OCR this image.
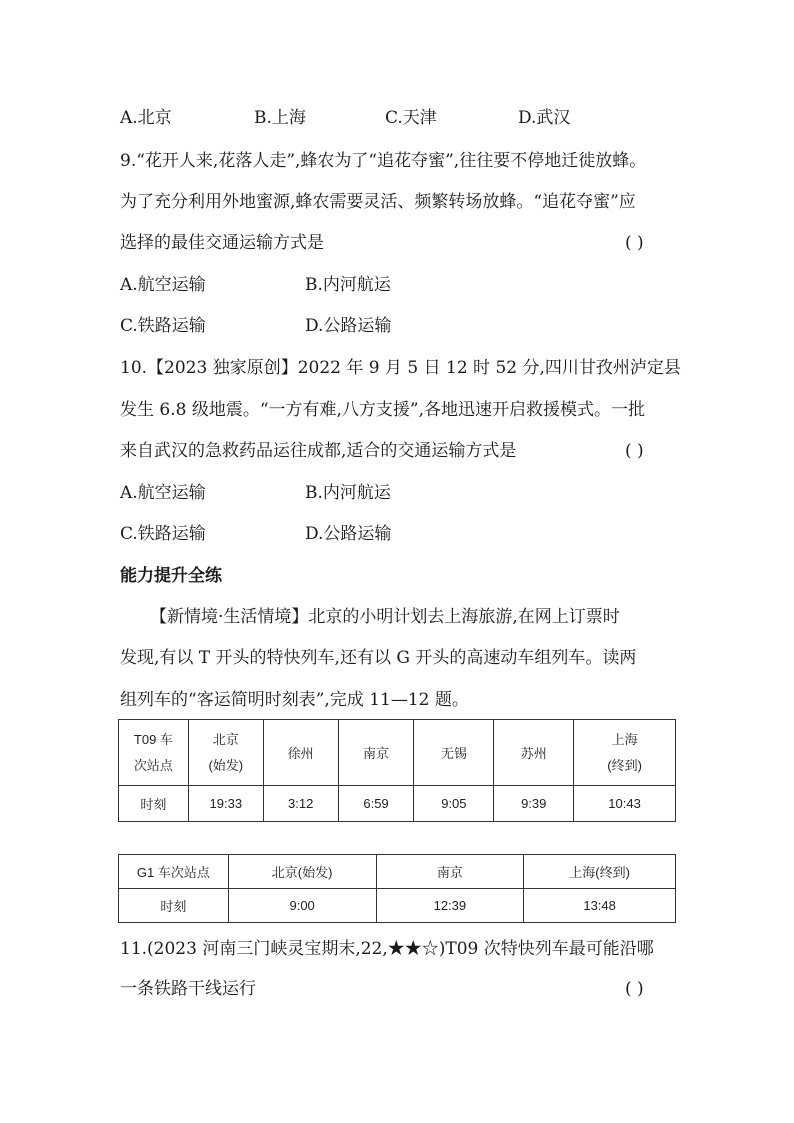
A.北京	B.上海	C.天津	D.武汉
9.“花开人来,花落人走”,蜂农为了“追花夺蜜”,往往要不停地迁徙放蜂。
为了充分利用外地蜜源,蜂农需要灵活、频繁转场放蜂。“追花夺蜜”应
选择的最佳交通运输方式是	( )
A.航空运输	B.内河航运
C.铁路运输	D.公路运输
10.【2023 独家原创】2022 年 9 月 5 日 12 时 52 分,四川甘孜州泸定县
发生 6.8 级地震。“一方有难,八方支援”,各地迅速开启救援模式。一批
来自武汉的急救药品运往成都,适合的交通运输方式是	( )
A.航空运输	B.内河航运
C.铁路运输	D.公路运输
能力提升全练
【新情境·生活情境】北京的小明计划去上海旅游,在网上订票时
发现,有以 T 开头的特快列车,还有以 G 开头的高速动车组列车。读两
组列车的“客运简明时刻表”,完成 11—12 题。
T09 车
次站点	北京
(始发)	徐州	南京	无锡	苏州	上海
(终到)
时刻	19:33	3:12	6:59	9:05	9:39	10:43
G1 车次站点	北京(始发)	南京	上海(终到)
时刻	9:00	12:39	13:48
11.(2023 河南三门峡灵宝期末,22,★★☆)T09 次特快列车最可能沿哪
一条铁路干线运行	( )
